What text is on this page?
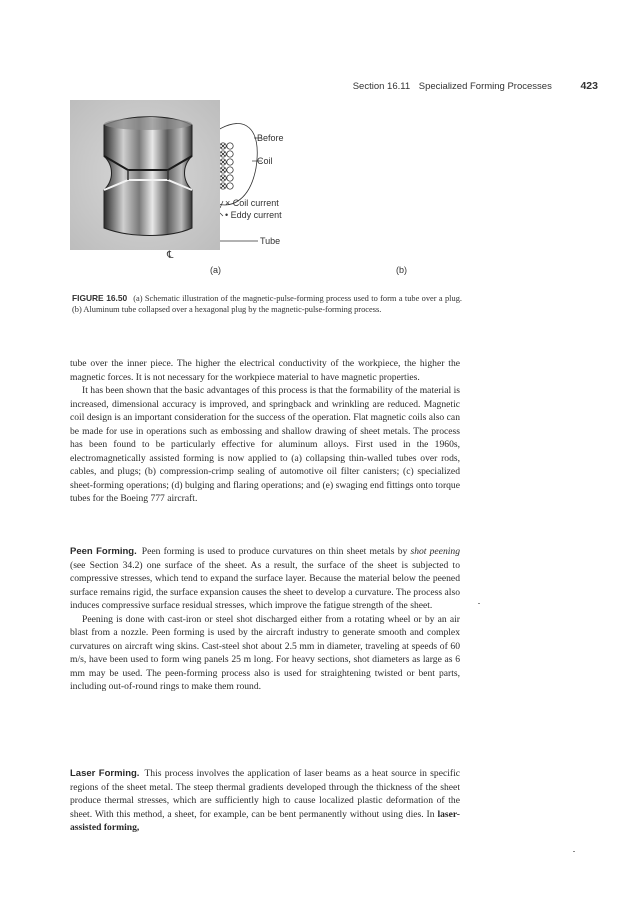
Section 16.11 Specialized Forming Processes	423
Before
Coil
× Coil current
• Eddy current
Tube
℄
(a)	(b)
FIGURE 16.50 (a) Schematic illustration of the magnetic-pulse-forming process used to form a tube over a plug. (b) Aluminum tube collapsed over a hexagonal plug by the magnetic-pulse-forming process.

tube over the inner piece. The higher the electrical conductivity of the workpiece, the higher the magnetic forces. It is not necessary for the workpiece material to have magnetic properties.

It has been shown that the basic advantages of this process is that the formability of the material is increased, dimensional accuracy is improved, and springback and wrinkling are reduced. Magnetic coil design is an important consideration for the success of the operation. Flat magnetic coils also can be made for use in operations such as embossing and shallow drawing of sheet metals. The process has been found to be particularly effective for aluminum alloys. First used in the 1960s, electromagnetically assisted forming is now applied to (a) collapsing thin-walled tubes over rods, cables, and plugs; (b) compression-crimp sealing of automotive oil filter canisters; (c) specialized sheet-forming operations; (d) bulging and flaring operations; and (e) swaging end fittings onto torque tubes for the Boeing 777 aircraft.

Peen Forming. Peen forming is used to produce curvatures on thin sheet metals by shot peening (see Section 34.2) one surface of the sheet. As a result, the surface of the sheet is subjected to compressive stresses, which tend to expand the surface layer. Because the material below the peened surface remains rigid, the surface expansion causes the sheet to develop a curvature. The process also induces compressive surface residual stresses, which improve the fatigue strength of the sheet.

Peening is done with cast-iron or steel shot discharged either from a rotating wheel or by an air blast from a nozzle. Peen forming is used by the aircraft industry to generate smooth and complex curvatures on aircraft wing skins. Cast-steel shot about 2.5 mm in diameter, traveling at speeds of 60 m/s, have been used to form wing panels 25 m long. For heavy sections, shot diameters as large as 6 mm may be used. The peen-forming process also is used for straightening twisted or bent parts, including out-of-round rings to make them round.

Laser Forming. This process involves the application of laser beams as a heat source in specific regions of the sheet metal. The steep thermal gradients developed through the thickness of the sheet produce thermal stresses, which are sufficiently high to cause localized plastic deformation of the sheet. With this method, a sheet, for example, can be bent permanently without using dies. In laser-assisted forming,
